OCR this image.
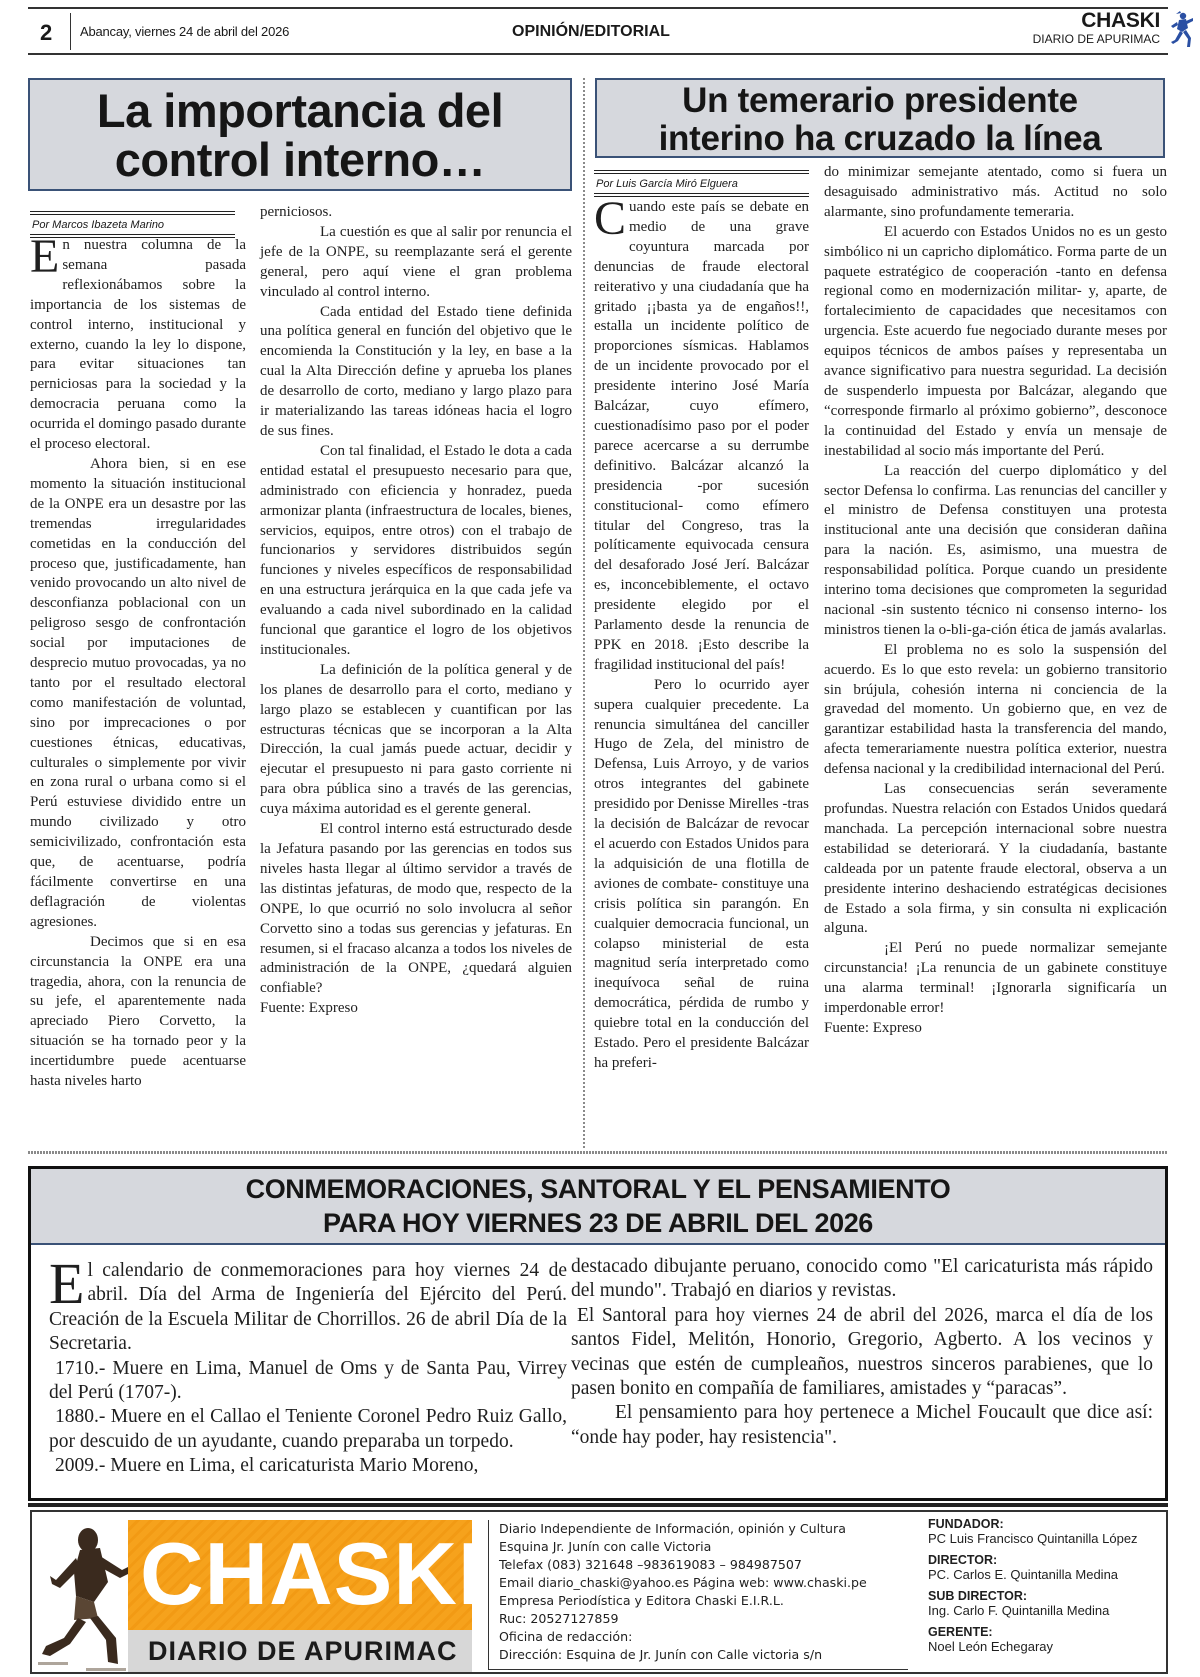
2 Abancay, viernes 24 de abril del 2026	OPINIÓN/EDITORIAL	CHASKI
DIARIO DE APURIMAC
La importancia del
control interno…
Por Marcos Ibazeta Marino

En nuestra columna de la semana pasada reflexionábamos sobre la importancia de los sistemas de control interno, institucional y externo, cuando la ley lo dispone, para evitar situaciones tan perniciosas para la sociedad y la democracia peruana como la ocurrida el domingo pasado durante el proceso electoral.

Ahora bien, si en ese momento la situación institucional de la ONPE era un desastre por las tremendas irregularidades cometidas en la conducción del proceso que, justificadamente, han venido provocando un alto nivel de desconfianza poblacional con un peligroso sesgo de confrontación social por imputaciones de desprecio mutuo provocadas, ya no tanto por el resultado electoral como manifestación de voluntad, sino por imprecaciones o por cuestiones étnicas, educativas, culturales o simplemente por vivir en zona rural o urbana como si el Perú estuviese dividido entre un mundo civilizado y otro semicivilizado, confrontación esta que, de acentuarse, podría fácilmente convertirse en una deflagración de violentas agresiones.

Decimos que si en esa circunstancia la ONPE era una tragedia, ahora, con la renuncia de su jefe, el aparentemente nada apreciado Piero Corvetto, la situación se ha tornado peor y la incertidumbre puede acentuarse hasta niveles harto

perniciosos.

La cuestión es que al salir por renuncia el jefe de la ONPE, su reemplazante será el gerente general, pero aquí viene el gran problema vinculado al control interno.

Cada entidad del Estado tiene definida una política general en función del objetivo que le encomienda la Constitución y la ley, en base a la cual la Alta Dirección define y aprueba los planes de desarrollo de corto, mediano y largo plazo para ir materializando las tareas idóneas hacia el logro de sus fines.

Con tal finalidad, el Estado le dota a cada entidad estatal el presupuesto necesario para que, administrado con eficiencia y honradez, pueda armonizar planta (infraestructura de locales, bienes, servicios, equipos, entre otros) con el trabajo de funcionarios y servidores distribuidos según funciones y niveles específicos de responsabilidad en una estructura jerárquica en la que cada jefe va evaluando a cada nivel subordinado en la calidad funcional que garantice el logro de los objetivos institucionales.

La definición de la política general y de los planes de desarrollo para el corto, mediano y largo plazo se establecen y cuantifican por las estructuras técnicas que se incorporan a la Alta Dirección, la cual jamás puede actuar, decidir y ejecutar el presupuesto ni para gasto corriente ni para obra pública sino a través de las gerencias, cuya máxima autoridad es el gerente general.

El control interno está estructurado desde la Jefatura pasando por las gerencias en todos sus niveles hasta llegar al último servidor a través de las distintas jefaturas, de modo que, respecto de la ONPE, lo que ocurrió no solo involucra al señor Corvetto sino a todas sus gerencias y jefaturas. En resumen, si el fracaso alcanza a todos los niveles de administración de la ONPE, ¿quedará alguien confiable?

Fuente: Expreso

Un temerario presidente
interino ha cruzado la línea
Por Luis García Miró Elguera

Cuando este país se debate en medio de una grave coyuntura marcada por denuncias de fraude electoral reiterativo y una ciudadanía que ha gritado ¡¡basta ya de engaños!!, estalla un incidente político de proporciones sísmicas. Hablamos de un incidente provocado por el presidente interino José María Balcázar, cuyo efímero, cuestionadísimo paso por el poder parece acercarse a su derrumbe definitivo. Balcázar alcanzó la presidencia -por sucesión constitucional- como efímero titular del Congreso, tras la políticamente equivocada censura del desaforado José Jerí. Balcázar es, inconcebiblemente, el octavo presidente elegido por el Parlamento desde la renuncia de PPK en 2018. ¡Esto describe la fragilidad institucional del país!

Pero lo ocurrido ayer supera cualquier precedente. La renuncia simultánea del canciller Hugo de Zela, del ministro de Defensa, Luis Arroyo, y de varios otros integrantes del gabinete presidido por Denisse Mirelles -tras la decisión de Balcázar de revocar el acuerdo con Estados Unidos para la adquisición de una flotilla de aviones de combate- constituye una crisis política sin parangón. En cualquier democracia funcional, un colapso ministerial de esta magnitud sería interpretado como inequívoca señal de ruina democrática, pérdida de rumbo y quiebre total en la conducción del Estado. Pero el presidente Balcázar ha preferi-

do minimizar semejante atentado, como si fuera un desaguisado administrativo más. Actitud no solo alarmante, sino profundamente temeraria.

El acuerdo con Estados Unidos no es un gesto simbólico ni un capricho diplomático. Forma parte de un paquete estratégico de cooperación -tanto en defensa regional como en modernización militar- y, aparte, de fortalecimiento de capacidades que necesitamos con urgencia. Este acuerdo fue negociado durante meses por equipos técnicos de ambos países y representaba un avance significativo para nuestra seguridad. La decisión de suspenderlo impuesta por Balcázar, alegando que “corresponde firmarlo al próximo gobierno”, desconoce la continuidad del Estado y envía un mensaje de inestabilidad al socio más importante del Perú.

La reacción del cuerpo diplomático y del sector Defensa lo confirma. Las renuncias del canciller y el ministro de Defensa constituyen una protesta institucional ante una decisión que consideran dañina para la nación. Es, asimismo, una muestra de responsabilidad política. Porque cuando un presidente interino toma decisiones que comprometen la seguridad nacional -sin sustento técnico ni consenso interno- los ministros tienen la o-bli-ga-ción ética de jamás avalarlas.

El problema no es solo la suspensión del acuerdo. Es lo que esto revela: un gobierno transitorio sin brújula, cohesión interna ni conciencia de la gravedad del momento. Un gobierno que, en vez de garantizar estabilidad hasta la transferencia del mando, afecta temerariamente nuestra política exterior, nuestra defensa nacional y la credibilidad internacional del Perú.

Las consecuencias serán severamente profundas. Nuestra relación con Estados Unidos quedará manchada. La percepción internacional sobre nuestra estabilidad se deteriorará. Y la ciudadanía, bastante caldeada por un patente fraude electoral, observa a un presidente interino deshaciendo estratégicas decisiones de Estado a sola firma, y sin consulta ni explicación alguna.

¡El Perú no puede normalizar semejante circunstancia! ¡La renuncia de un gabinete constituye una alarma terminal! ¡Ignorarla significaría un imperdonable error!

Fuente: Expreso

CONMEMORACIONES, SANTORAL Y EL PENSAMIENTO
PARA HOY VIERNES 23 DE ABRIL DEL 2026

El calendario de conmemoraciones para hoy viernes 24 de abril. Día del Arma de Ingeniería del Ejército del Perú. Creación de la Escuela Militar de Chorrillos. 26 de abril Día de la Secretaria.

1710.- Muere en Lima, Manuel de Oms y de Santa Pau, Virrey del Perú (1707-).

1880.- Muere en el Callao el Teniente Coronel Pedro Ruiz Gallo, por descuido de un ayudante, cuando preparaba un torpedo.

2009.- Muere en Lima, el caricaturista Mario Moreno,

destacado dibujante peruano, conocido como "El caricaturista más rápido del mundo". Trabajó en diarios y revistas.

El Santoral para hoy viernes 24 de abril del 2026, marca el día de los santos Fidel, Melitón, Honorio, Gregorio, Agberto. A los vecinos y vecinas que estén de cumpleaños, nuestros sinceros parabienes, que lo pasen bonito en compañía de familiares, amistades y “paracas”.

El pensamiento para hoy pertenece a Michel Foucault que dice así: “onde hay poder, hay resistencia".

CHASKI
DIARIO DE APURIMAC
Diario Independiente de Información, opinión y Cultura
Esquina Jr. Junín con calle Victoria
Telefax (083) 321648 –983619083 – 984987507
Email diario_chaski@yahoo.es Página web: www.chaski.pe
Empresa Periodística y Editora Chaski E.I.R.L.
Ruc: 20527127859
Oficina de redacción:
Dirección: Esquina de Jr. Junín con Calle victoria s/n
FUNDADOR:
PC Luis Francisco Quintanilla López
DIRECTOR:
PC. Carlos E. Quintanilla Medina
SUB DIRECTOR:
Ing. Carlo F. Quintanilla Medina
GERENTE:
Noel León Echegaray
